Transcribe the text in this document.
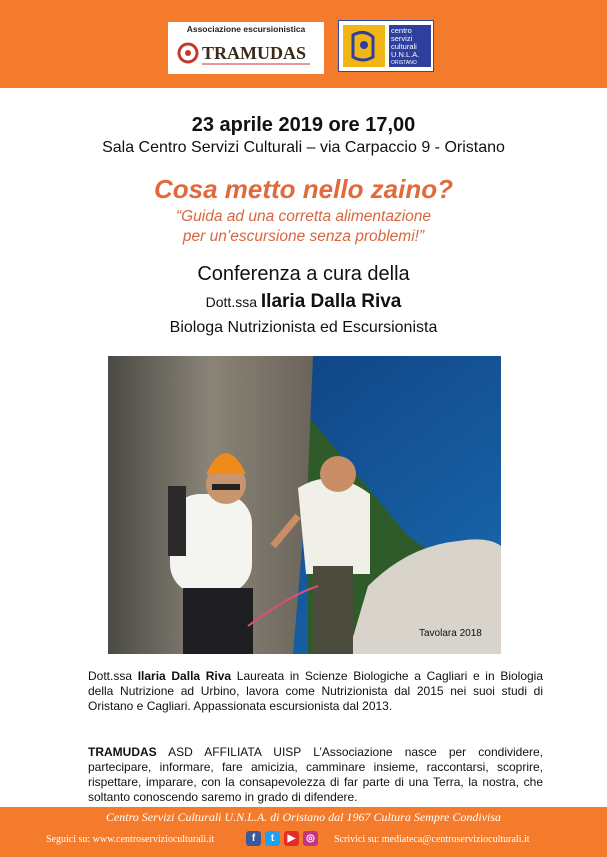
Associazione escursionistica
TRAMUDAS
centro
servizi
culturali
U.N.L.A.
ORISTANO
23 aprile 2019 ore 17,00
Sala Centro Servizi Culturali – via Carpaccio 9 - Oristano
Cosa metto nello zaino?
“Guida ad una corretta alimentazione
per un’escursione senza problemi!”
Conferenza a cura della
Dott.ssa Ilaria Dalla Riva
Biologa Nutrizionista ed Escursionista
Tavolara 2018
Dott.ssa Ilaria Dalla Riva Laureata in Scienze Biologiche a Cagliari e in Biologia della Nutrizione ad Urbino, lavora come Nutrizionista dal 2015 nei suoi studi di Oristano e Cagliari. Appassionata escursionista dal 2013.
TRAMUDAS ASD AFFILIATA UISP L’Associazione nasce per condividere, partecipare, informare, fare amicizia, camminare insieme, raccontarsi, scoprire, rispettare, imparare, con la consapevolezza di far parte di una Terra, la nostra, che soltanto conoscendo saremo in grado di difendere.
Centro Servizi Culturali U.N.L.A. di Oristano dal 1967 Cultura Sempre Condivisa
Seguici su: www.centroservizioculturali.it	f	t	▶	◎	Scrivici su: mediateca@centroservizioculturali.it
